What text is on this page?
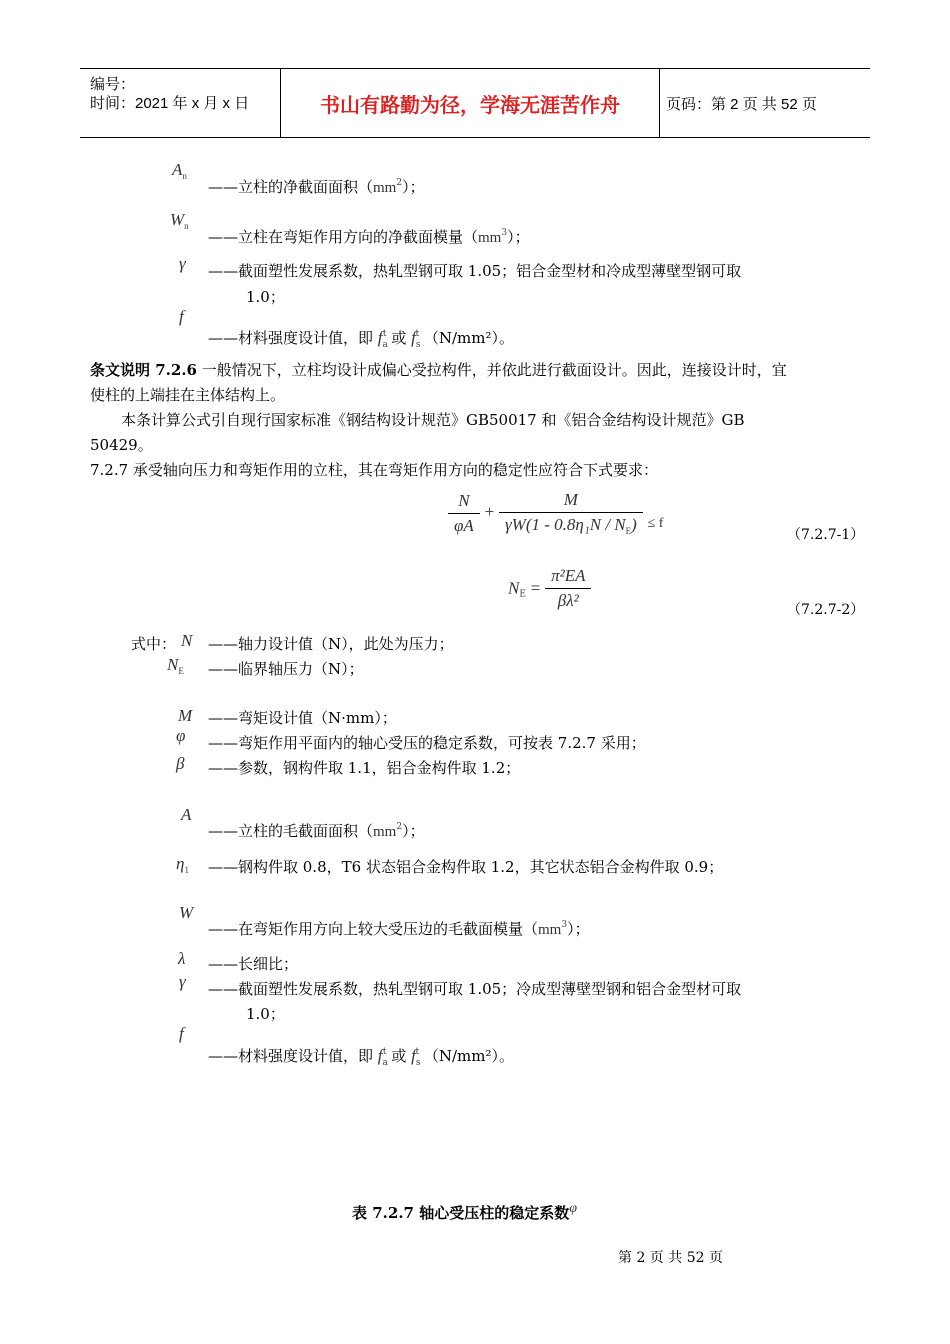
编号：
时间：2021 年 x 月 x 日	书山有路勤为径，学海无涯苦作舟	页码：第 2 页 共 52 页
$A_n$
——立柱的净截面面积$(mm^2)$；
$W_n$
——立柱在弯矩作用方向的净截面模量$(mm^3)$；
γ ——截面塑性发展系数，热轧型钢可取 1.05；铝合金型材和冷成型薄壁型钢可取
1.0；
f
——材料强度设计值，即 $f_a^t$ 或 $f_s^t$ （N/mm²）。
条文说明 7.2.6 一般情况下，立柱均设计成偏心受拉构件，并依此进行截面设计。因此，连接设计时，宜
使柱的上端挂在主体结构上。
本条计算公式引自现行国家标准《钢结构设计规范》GB50017 和《铝合金结构设计规范》GB
50429。
7.2.7 承受轴向压力和弯矩作用的立柱，其在弯矩作用方向的稳定性应符合下式要求：
$\frac{N}{\varphi A} + \frac{M}{\gamma W(1 - 0.8\eta_1N / N_E)} \le f$
（7.2.7-1）
$N_E = \frac{\text{π²EA}}{\text{βλ²}}$	（7.2.7-2）
式中： N ——轴力设计值（N），此处为压力；
$N_E$ ——临界轴压力（N）；
M ——弯矩设计值（N·mm）；
φ ——弯矩作用平面内的轴心受压的稳定系数，可按表 7.2.7 采用；
β ——参数，钢构件取 1.1，铝合金构件取 1.2；
A
——立柱的毛截面面积$(mm^2)$；
$\eta_1$ ——钢构件取 0.8，T6 状态铝合金构件取 1.2，其它状态铝合金构件取 0.9；
W
——在弯矩作用方向上较大受压边的毛截面模量$(mm^3)$；
λ ——长细比；
γ ——截面塑性发展系数，热轧型钢可取 1.05；冷成型薄壁型钢和铝合金型材可取
1.0；
f
——材料强度设计值，即 $f_a^t$ 或 $f_s^t$ （N/mm²）。
表 7.2.7 轴心受压柱的稳定系数φ
第 2 页 共 52 页
